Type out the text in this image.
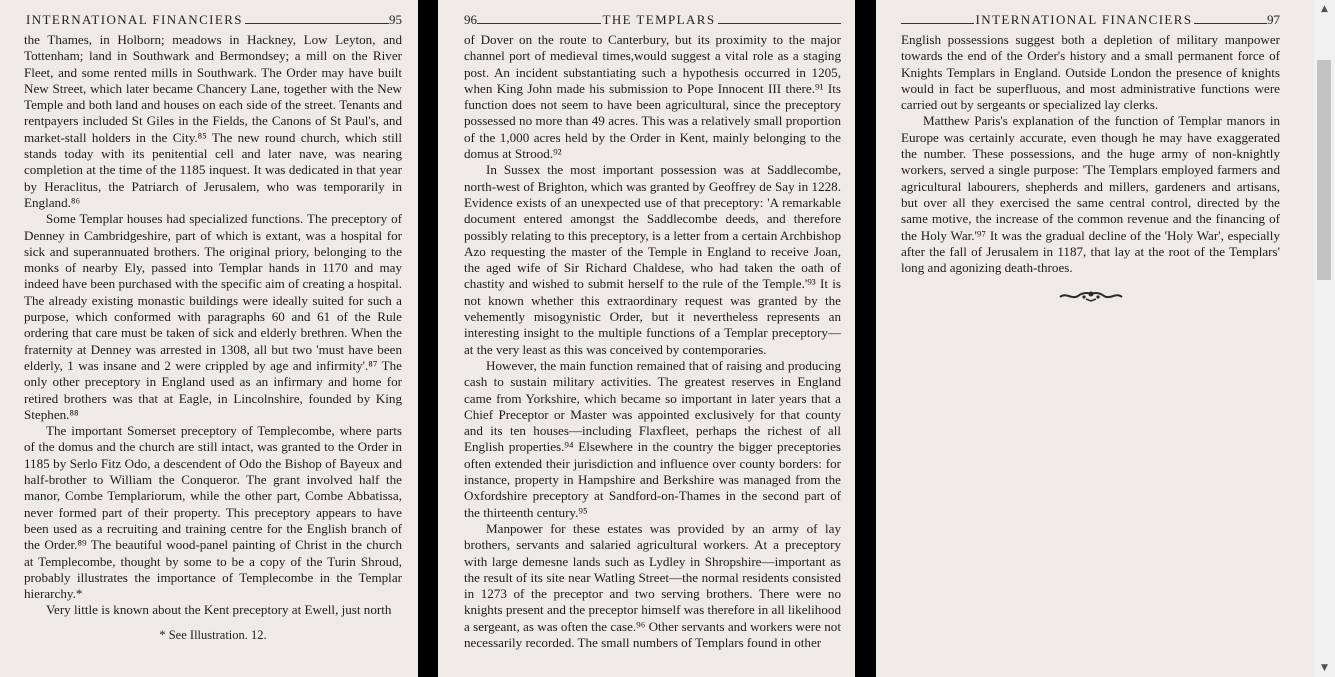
INTERNATIONAL FINANCIERS	95

the Thames, in Holborn; meadows in Hackney, Low Leyton, and Tottenham; land in Southwark and Bermondsey; a mill on the River Fleet, and some rented mills in Southwark. The Order may have built New Street, which later became Chancery Lane, together with the New Temple and both land and houses on each side of the street. Tenants and rentpayers included St Giles in the Fields, the Canons of St Paul's, and market-stall holders in the City.⁸⁵ The new round church, which still stands today with its penitential cell and later nave, was nearing completion at the time of the 1185 inquest. It was dedicated in that year by Heraclitus, the Patriarch of Jerusalem, who was temporarily in England.⁸⁶

Some Templar houses had specialized functions. The preceptory of Denney in Cambridgeshire, part of which is extant, was a hospital for sick and superannuated brothers. The original priory, belonging to the monks of nearby Ely, passed into Templar hands in 1170 and may indeed have been purchased with the specific aim of creating a hospital. The already existing monastic buildings were ideally suited for such a purpose, which conformed with paragraphs 60 and 61 of the Rule ordering that care must be taken of sick and elderly brethren. When the fraternity at Denney was arrested in 1308, all but two 'must have been elderly, 1 was insane and 2 were crippled by age and infirmity'.⁸⁷ The only other preceptory in England used as an infirmary and home for retired brothers was that at Eagle, in Lincolnshire, founded by King Stephen.⁸⁸

The important Somerset preceptory of Templecombe, where parts of the domus and the church are still intact, was granted to the Order in 1185 by Serlo Fitz Odo, a descendent of Odo the Bishop of Bayeux and half-brother to William the Conqueror. The grant involved half the manor, Combe Templariorum, while the other part, Combe Abbatissa, never formed part of their property. This preceptory appears to have been used as a recruiting and training centre for the English branch of the Order.⁸⁹ The beautiful wood-panel painting of Christ in the church at Templecombe, thought by some to be a copy of the Turin Shroud, probably illustrates the importance of Templecombe in the Templar hierarchy.*

Very little is known about the Kent preceptory at Ewell, just north

* See Illustration. 12.
96	THE TEMPLARS

of Dover on the route to Canterbury, but its proximity to the major channel port of medieval times,would suggest a vital role as a staging post. An incident substantiating such a hypothesis occurred in 1205, when King John made his submission to Pope Innocent III there.⁹¹ Its function does not seem to have been agricultural, since the preceptory possessed no more than 49 acres. This was a relatively small proportion of the 1,000 acres held by the Order in Kent, mainly belonging to the domus at Strood.⁹²

In Sussex the most important possession was at Saddlecombe, north-west of Brighton, which was granted by Geoffrey de Say in 1228. Evidence exists of an unexpected use of that preceptory: 'A remarkable document entered amongst the Saddlecombe deeds, and therefore possibly relating to this preceptory, is a letter from a certain Archbishop Azo requesting the master of the Temple in England to receive Joan, the aged wife of Sir Richard Chaldese, who had taken the oath of chastity and wished to submit herself to the rule of the Temple.'⁹³ It is not known whether this extraordinary request was granted by the vehemently misogynistic Order, but it nevertheless represents an interesting insight to the multiple functions of a Templar preceptory—at the very least as this was conceived by contemporaries.

However, the main function remained that of raising and producing cash to sustain military activities. The greatest reserves in England came from Yorkshire, which became so important in later years that a Chief Preceptor or Master was appointed exclusively for that county and its ten houses—including Flaxfleet, perhaps the richest of all English properties.⁹⁴ Elsewhere in the country the bigger preceptories often extended their jurisdiction and influence over county borders: for instance, property in Hampshire and Berkshire was managed from the Oxfordshire preceptory at Sandford-on-Thames in the second part of the thirteenth century.⁹⁵

Manpower for these estates was provided by an army of lay brothers, servants and salaried agricultural workers. At a preceptory with large demesne lands such as Lydley in Shropshire—important as the result of its site near Watling Street—the normal residents consisted in 1273 of the preceptor and two serving brothers. There were no knights present and the preceptor himself was therefore in all likelihood a sergeant, as was often the case.⁹⁶ Other servants and workers were not necessarily recorded. The small numbers of Templars found in other

INTERNATIONAL FINANCIERS	97

English possessions suggest both a depletion of military manpower towards the end of the Order's history and a small permanent force of Knights Templars in England. Outside London the presence of knights would in fact be superfluous, and most administrative functions were carried out by sergeants or specialized lay clerks.

Matthew Paris's explanation of the function of Templar manors in Europe was certainly accurate, even though he may have exaggerated the number. These possessions, and the huge army of non-knightly workers, served a single purpose: 'The Templars employed farmers and agricultural labourers, shepherds and millers, gardeners and artisans, but over all they exercised the same central control, directed by the same motive, the increase of the common revenue and the financing of the Holy War.'⁹⁷ It was the gradual decline of the 'Holy War', especially after the fall of Jerusalem in 1187, that lay at the root of the Templars' long and agonizing death-throes.

▲
▼
